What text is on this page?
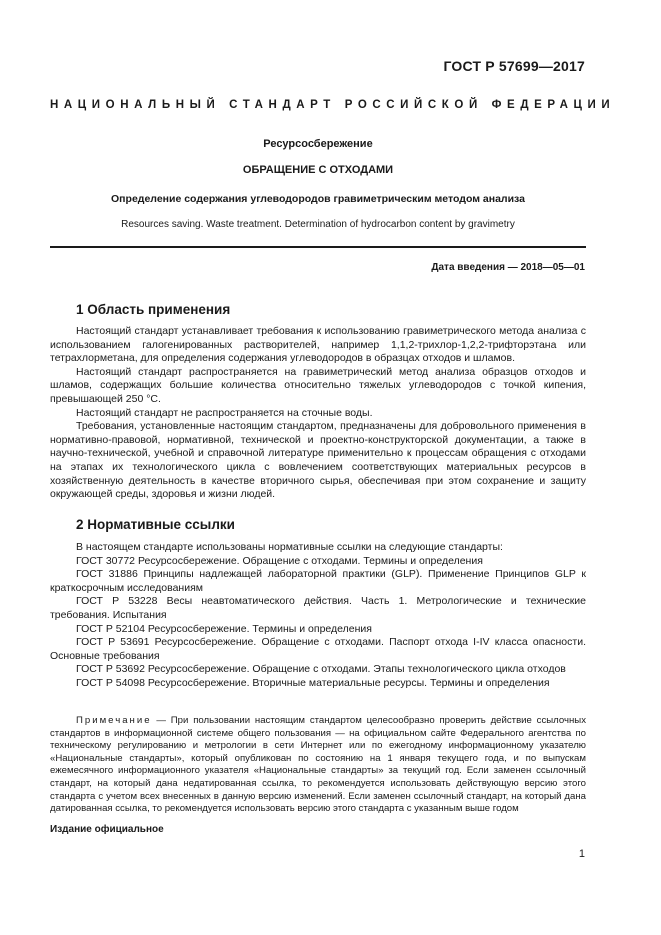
ГОСТ Р 57699—2017
НАЦИОНАЛЬНЫЙ СТАНДАРТ РОССИЙСКОЙ ФЕДЕРАЦИИ
Ресурсосбережение
ОБРАЩЕНИЕ С ОТХОДАМИ
Определение содержания углеводородов гравиметрическим методом анализа
Resources saving. Waste treatment. Determination of hydrocarbon content by gravimetry
Дата введения — 2018—05—01
1 Область применения

Настоящий стандарт устанавливает требования к использованию гравиметрического метода анализа с использованием галогенированных растворителей, например 1,1,2-трихлор-1,2,2-трифторэтана или тетрахлорметана, для определения содержания углеводородов в образцах отходов и шламов.

Настоящий стандарт распространяется на гравиметрический метод анализа образцов отходов и шламов, содержащих большие количества относительно тяжелых углеводородов с точкой кипения, превышающей 250 °C.

Настоящий стандарт не распространяется на сточные воды.

Требования, установленные настоящим стандартом, предназначены для добровольного применения в нормативно-правовой, нормативной, технической и проектно-конструкторской документации, а также в научно-технической, учебной и справочной литературе применительно к процессам обращения с отходами на этапах их технологического цикла с вовлечением соответствующих материальных ресурсов в хозяйственную деятельность в качестве вторичного сырья, обеспечивая при этом сохранение и защиту окружающей среды, здоровья и жизни людей.

2 Нормативные ссылки

В настоящем стандарте использованы нормативные ссылки на следующие стандарты:

ГОСТ 30772 Ресурсосбережение. Обращение с отходами. Термины и определения

ГОСТ 31886 Принципы надлежащей лабораторной практики (GLP). Применение Принципов GLP к краткосрочным исследованиям

ГОСТ Р 53228 Весы неавтоматического действия. Часть 1. Метрологические и технические требования. Испытания

ГОСТ Р 52104 Ресурсосбережение. Термины и определения

ГОСТ Р 53691 Ресурсосбережение. Обращение с отходами. Паспорт отхода I-IV класса опасности. Основные требования

ГОСТ Р 53692 Ресурсосбережение. Обращение с отходами. Этапы технологического цикла отходов

ГОСТ Р 54098 Ресурсосбережение. Вторичные материальные ресурсы. Термины и определения

Примечание — При пользовании настоящим стандартом целесообразно проверить действие ссылочных стандартов в информационной системе общего пользования — на официальном сайте Федерального агентства по техническому регулированию и метрологии в сети Интернет или по ежегодному информационному указателю «Национальные стандарты», который опубликован по состоянию на 1 января текущего года, и по выпускам ежемесячного информационного указателя «Национальные стандарты» за текущий год. Если заменен ссылочный стандарт, на который дана недатированная ссылка, то рекомендуется использовать действующую версию этого стандарта с учетом всех внесенных в данную версию изменений. Если заменен ссылочный стандарт, на который дана датированная ссылка, то рекомендуется использовать версию этого стандарта с указанным выше годом

Издание официальное
1
